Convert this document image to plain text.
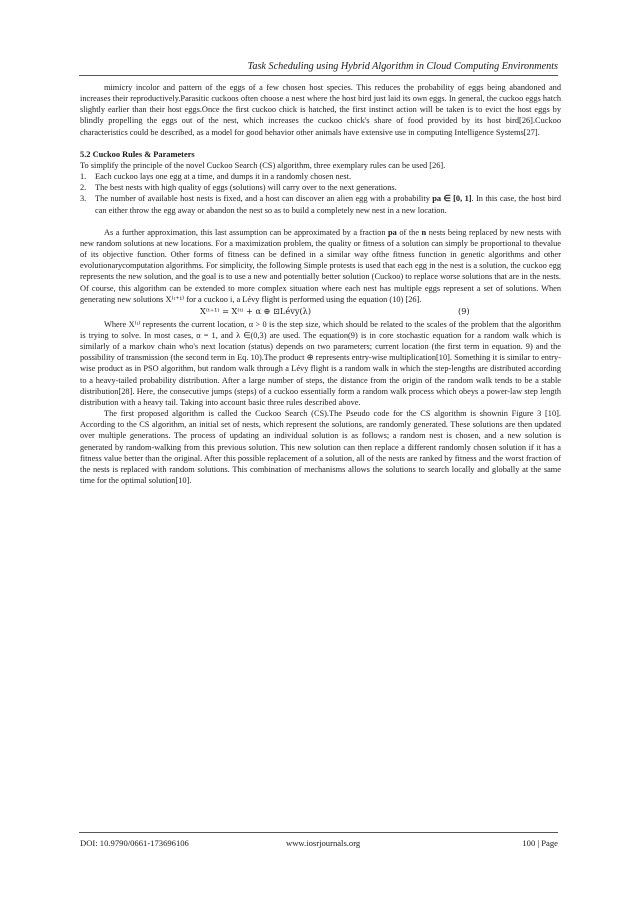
Task Scheduling using Hybrid Algorithm in Cloud Computing Environments

mimicry incolor and pattern of the eggs of a few chosen host species. This reduces the probability of eggs being abandoned and increases their reproductively.Parasitic cuckoos often choose a nest where the host bird just laid its own eggs. In general, the cuckoo eggs hatch slightly earlier than their host eggs.Once the first cuckoo chick is hatched, the first instinct action will be taken is to evict the host eggs by blindly propelling the eggs out of the nest, which increases the cuckoo chick's share of food provided by its host bird[26].Cuckoo characteristics could be described, as a model for good behavior other animals have extensive use in computing Intelligence Systems[27].

5.2 Cuckoo Rules & Parameters

To simplify the principle of the novel Cuckoo Search (CS) algorithm, three exemplary rules can be used [26].

1. Each cuckoo lays one egg at a time, and dumps it in a randomly chosen nest.
2. The best nests with high quality of eggs (solutions) will carry over to the next generations.
3. The number of available host nests is fixed, and a host can discover an alien egg with a probability pa ∈ [0, 1]. In this case, the host bird can either throw the egg away or abandon the nest so as to build a completely new nest in a new location.

As a further approximation, this last assumption can be approximated by a fraction pa of the n nests being replaced by new nests with new random solutions at new locations. For a maximization problem, the quality or fitness of a solution can simply be proportional to thevalue of its objective function. Other forms of fitness can be defined in a similar way ofthe fitness function in genetic algorithms and other evolutionarycomputation algorithms. For simplicity, the following Simple protests is used that each egg in the nest is a solution, the cuckoo egg represents the new solution, and the goal is to use a new and potentially better solution (Cuckoo) to replace worse solutions that are in the nests. Of course, this algorithm can be extended to more complex situation where each nest has multiple eggs represent a set of solutions. When generating new solutions X⁽ᵗ⁺¹⁾ for a cuckoo i, a Lévy flight is performed using the equation (10) [26].

X⁽ᵗ⁺¹⁾ = X⁽ᵗ⁾ + α ⊕ ⊡Lévy(λ)	(9)

Where X⁽ᵗ⁾ represents the current location, α > 0 is the step size, which should be related to the scales of the problem that the algorithm is trying to solve. In most cases, α = 1, and λ ∈(0,3) are used. The equation(9) is in core stochastic equation for a random walk which is similarly of a markov chain who's next location (status) depends on two parameters; current location (the first term in equation. 9) and the possibility of transmission (the second term in Eq. 10).The product ⊕ represents entry-wise multiplication[10]. Something it is similar to entry-wise product as in PSO algorithm, but random walk through a Lévy flight is a random walk in which the step-lengths are distributed according to a heavy-tailed probability distribution. After a large number of steps, the distance from the origin of the random walk tends to be a stable distribution[28]. Here, the consecutive jumps (steps) of a cuckoo essentially form a random walk process which obeys a power-law step length distribution with a heavy tail. Taking into account basic three rules described above.

The first proposed algorithm is called the Cuckoo Search (CS).The Pseudo code for the CS algorithm is shownin Figure 3 [10]. According to the CS algorithm, an initial set of nests, which represent the solutions, are randomly generated. These solutions are then updated over multiple generations. The process of updating an individual solution is as follows; a random nest is chosen, and a new solution is generated by random-walking from this previous solution. This new solution can then replace a different randomly chosen solution if it has a fitness value better than the original. After this possible replacement of a solution, all of the nests are ranked by fitness and the worst fraction of the nests is replaced with random solutions. This combination of mechanisms allows the solutions to search locally and globally at the same time for the optimal solution[10].

DOI: 10.9790/0661-173696106	www.iosrjournals.org	100 | Page
